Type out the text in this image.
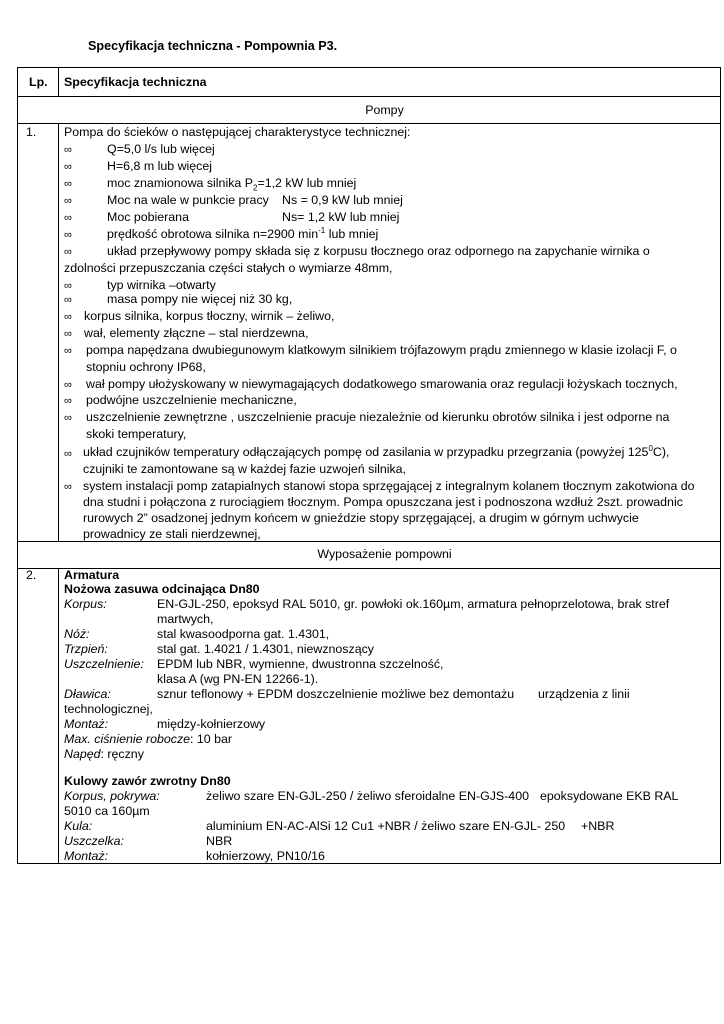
Specyfikacja techniczna - Pompownia P3.
Lp. Specyfikacja techniczna
Pompy
1. Pompa do ścieków o następującej charakterystyce technicznej:
∞	Q=5,0 l/s lub więcej
∞	H=6,8 m lub więcej
∞	moc znamionowa silnika $P_2=1,2$ kW lub mniej
∞	Moc na wale w punkcie pracy Ns = 0,9 kW lub mniej
∞	Moc pobierana	Ns= 1,2 kW lub mniej
∞	prędkość obrotowa silnika n=2900 $\min^{-1}$ lub mniej
∞	układ przepływowy pompy składa się z korpusu tłocznego oraz odpornego na zapychanie wirnika o
zdolności przepuszczania części stałych o wymiarze 48mm,
∞	typ wirnika –otwarty
∞	masa pompy nie więcej niż 30 kg,
∞ korpus silnika, korpus tłoczny, wirnik – żeliwo,
∞ wał, elementy złączne – stal nierdzewna,
∞ pompa napędzana dwubiegunowym klatkowym silnikiem trójfazowym prądu zmiennego w klasie izolacji F, o
stopniu ochrony IP68,
∞ wał pompy ułożyskowany w niewymagających dodatkowego smarowania oraz regulacji łożyskach tocznych,
∞ podwójne uszczelnienie mechaniczne,
∞ uszczelnienie zewnętrzne , uszczelnienie pracuje niezależnie od kierunku obrotów silnika i jest odporne na
skoki temperatury,
∞ układ czujników temperatury odłączających pompę od zasilania w przypadku przegrzania (powyżej $125^0C$),
czujniki te zamontowane są w każdej fazie uzwojeń silnika,
∞ system instalacji pomp zatapialnych stanowi stopa sprzęgającej z integralnym kolanem tłocznym zakotwiona do
dna studni i połączona z rurociągiem tłocznym. Pompa opuszczana jest i podnoszona wzdłuż 2szt. prowadnic
rurowych 2” osadzonej jednym końcem w gnieździe stopy sprzęgającej, a drugim w górnym uchwycie
prowadnicy ze stali nierdzewnej,
Wyposażenie pompowni
2. Armatura
Nożowa zasuwa odcinająca Dn80
Korpus:	EN-GJL-250, epoksyd RAL 5010, gr. powłoki ok.160µm, armatura pełnoprzelotowa, brak stref
martwych,
Nóż:	stal kwasoodporna gat. 1.4301,
Trzpień:	stal gat. 1.4021 / 1.4301, niewznoszący
Uszczelnienie: EPDM lub NBR, wymienne, dwustronna szczelność,
klasa A (wg PN-EN 12266-1).
Dławica:	sznur teflonowy + EPDM doszczelnienie możliwe bez demontażu urządzenia z linii
technologicznej,
Montaż:	między-kołnierzowy
Max. ciśnienie robocze: 10 bar
Napęd: ręczny
Kulowy zawór zwrotny Dn80
Korpus, pokrywa:	żeliwo szare EN-GJL-250 / żeliwo sferoidalne EN-GJS-400 epoksydowane EKB RAL
5010 ca 160µm
Kula:	aluminium EN-AC-AlSi 12 Cu1 +NBR / żeliwo szare EN-GJL- 250 +NBR
Uszczelka:	NBR
Montaż:	kołnierzowy, PN10/16
